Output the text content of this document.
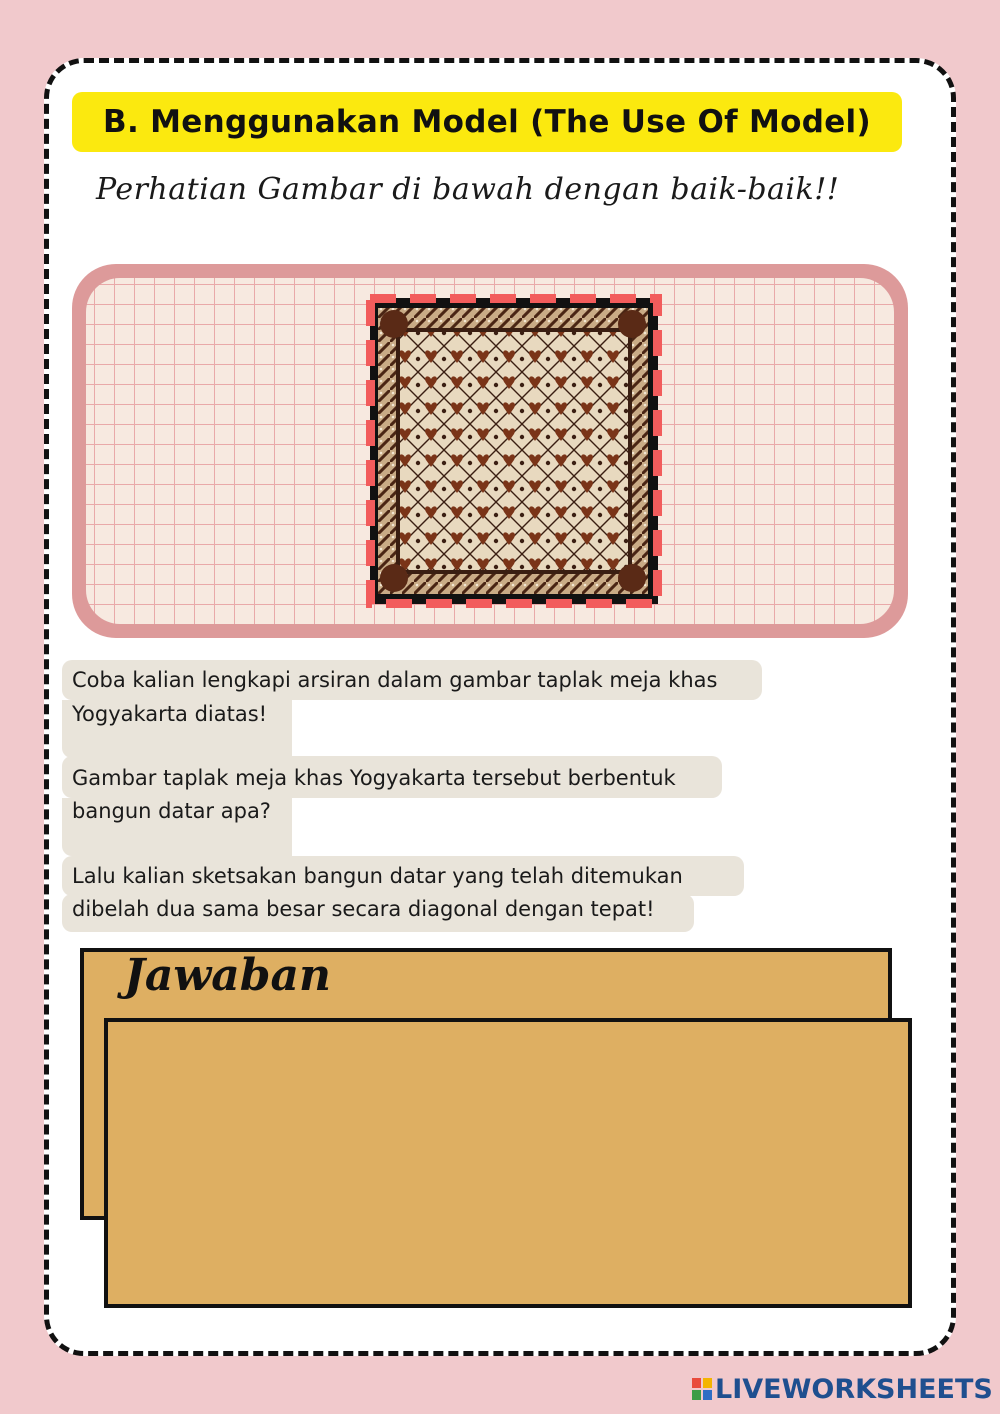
B. Menggunakan Model (The Use Of Model)
Perhatian Gambar di bawah dengan baik-baik!!
Coba kalian lengkapi arsiran dalam gambar taplak meja khas
Yogyakarta diatas!
Gambar taplak meja khas Yogyakarta tersebut berbentuk
bangun datar apa?
Lalu kalian sketsakan bangun datar yang telah ditemukan
dibelah dua sama besar secara diagonal dengan tepat!
Jawaban
LIVEWORKSHEETS
